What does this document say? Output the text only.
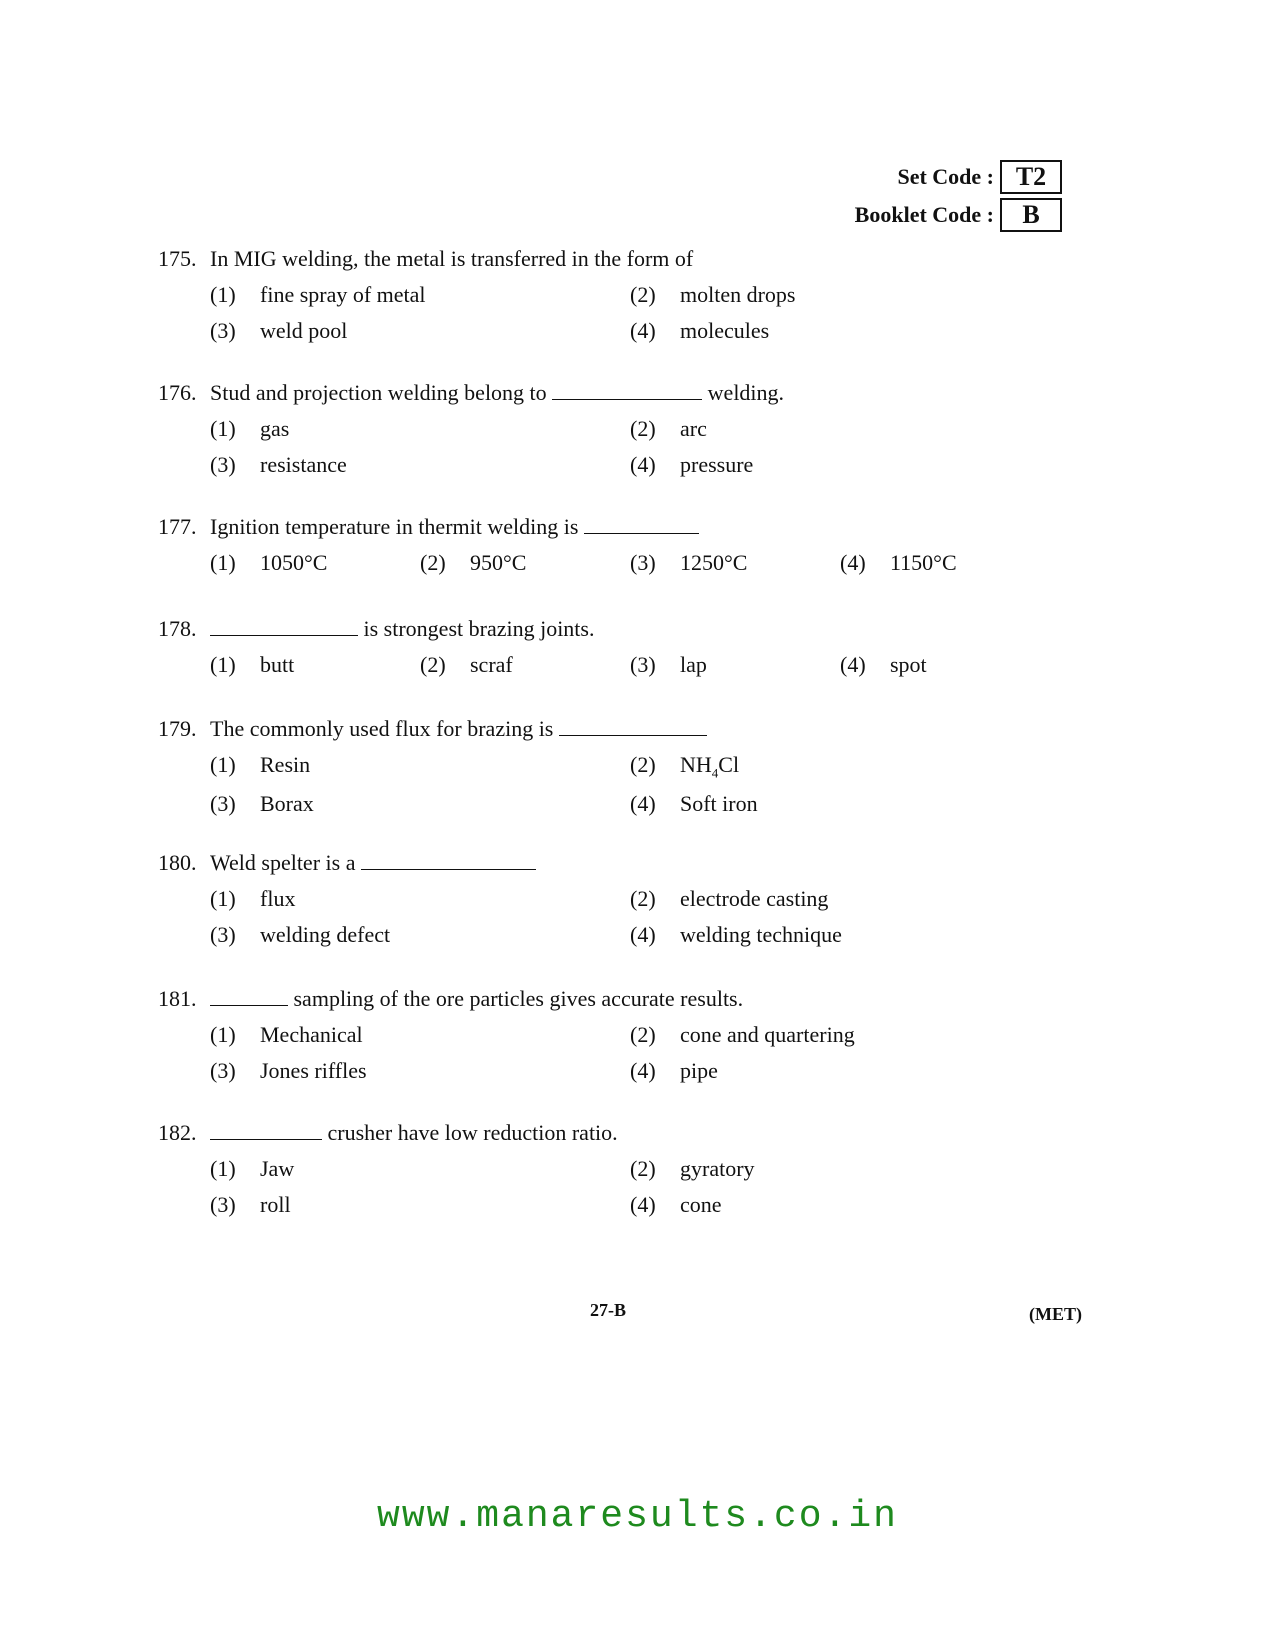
Set Code : T2
Booklet Code :	B
175. In MIG welding, the metal is transferred in the form of
(1)	fine spray of metal	(2)	molten drops
(3)	weld pool	(4)	molecules
176. Stud and projection welding belong to	welding.
(1)	gas	(2)	arc
(3)	resistance	(4)	pressure
177. Ignition temperature in thermit welding is
(1)	1050°C	(2)	950°C	(3)	1250°C	(4)	1150°C
178.	is strongest brazing joints.
(1)	butt	(2)	scraf	(3)	lap	(4)	spot
179. The commonly used flux for brazing is
(1)	Resin	(2)	$NH_4Cl$
(3)	Borax	(4)	Soft iron
180. Weld spelter is a
(1)	flux	(2)	electrode casting
(3)	welding defect	(4)	welding technique
181.	sampling of the ore particles gives accurate results.
(1)	Mechanical	(2)	cone and quartering
(3)	Jones riffles	(4)	pipe
182.	crusher have low reduction ratio.
(1)	Jaw	(2)	gyratory
(3)	roll	(4)	cone
27-B	(MET)
www.manaresults.co.in
